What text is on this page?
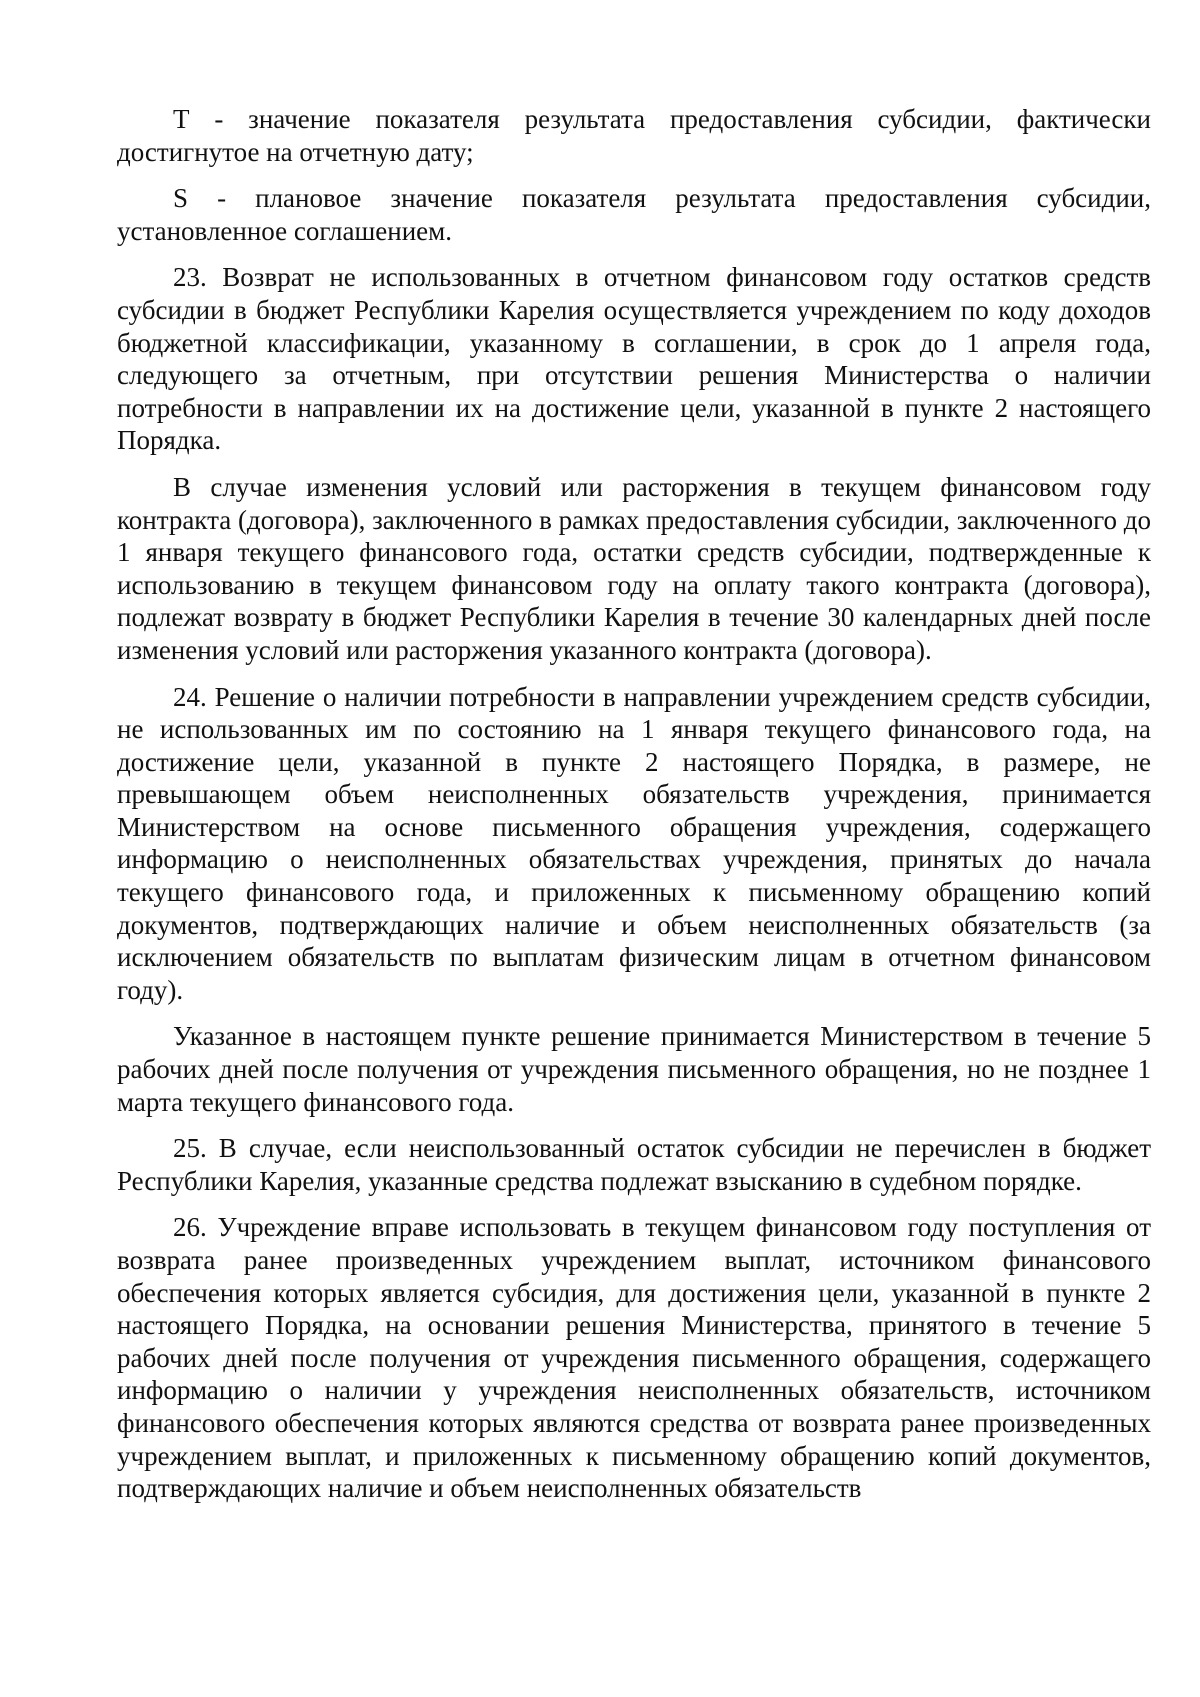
Т - значение показателя результата предоставления субсидии, фактически достигнутое на отчетную дату;

S - плановое значение показателя результата предоставления субсидии, установленное соглашением.

23. Возврат не использованных в отчетном финансовом году остатков средств субсидии в бюджет Республики Карелия осуществляется учреждением по коду доходов бюджетной классификации, указанному в соглашении, в срок до 1 апреля года, следующего за отчетным, при отсутствии решения Министерства о наличии потребности в направлении их на достижение цели, указанной в пункте 2 настоящего Порядка.

В случае изменения условий или расторжения в текущем финансовом году контракта (договора), заключенного в рамках предоставления субсидии, заключенного до 1 января текущего финансового года, остатки средств субсидии, подтвержденные к использованию в текущем финансовом году на оплату такого контракта (договора), подлежат возврату в бюджет Республики Карелия в течение 30 календарных дней после изменения условий или расторжения указанного контракта (договора).

24. Решение о наличии потребности в направлении учреждением средств субсидии, не использованных им по состоянию на 1 января текущего финансового года, на достижение цели, указанной в пункте 2 настоящего Порядка, в размере, не превышающем объем неисполненных обязательств учреждения, принимается Министерством на основе письменного обращения учреждения, содержащего информацию о неисполненных обязательствах учреждения, принятых до начала текущего финансового года, и приложенных к письменному обращению копий документов, подтверждающих наличие и объем неисполненных обязательств (за исключением обязательств по выплатам физическим лицам в отчетном финансовом году).

Указанное в настоящем пункте решение принимается Министерством в течение 5 рабочих дней после получения от учреждения письменного обращения, но не позднее 1 марта текущего финансового года.

25. В случае, если неиспользованный остаток субсидии не перечислен в бюджет Республики Карелия, указанные средства подлежат взысканию в судебном порядке.

26. Учреждение вправе использовать в текущем финансовом году поступления от возврата ранее произведенных учреждением выплат, источником финансового обеспечения которых является субсидия, для достижения цели, указанной в пункте 2 настоящего Порядка, на основании решения Министерства, принятого в течение 5 рабочих дней после получения от учреждения письменного обращения, содержащего информацию о наличии у учреждения неисполненных обязательств, источником финансового обеспечения которых являются средства от возврата ранее произведенных учреждением выплат, и приложенных к письменному обращению копий документов, подтверждающих наличие и объем неисполненных обязательств
